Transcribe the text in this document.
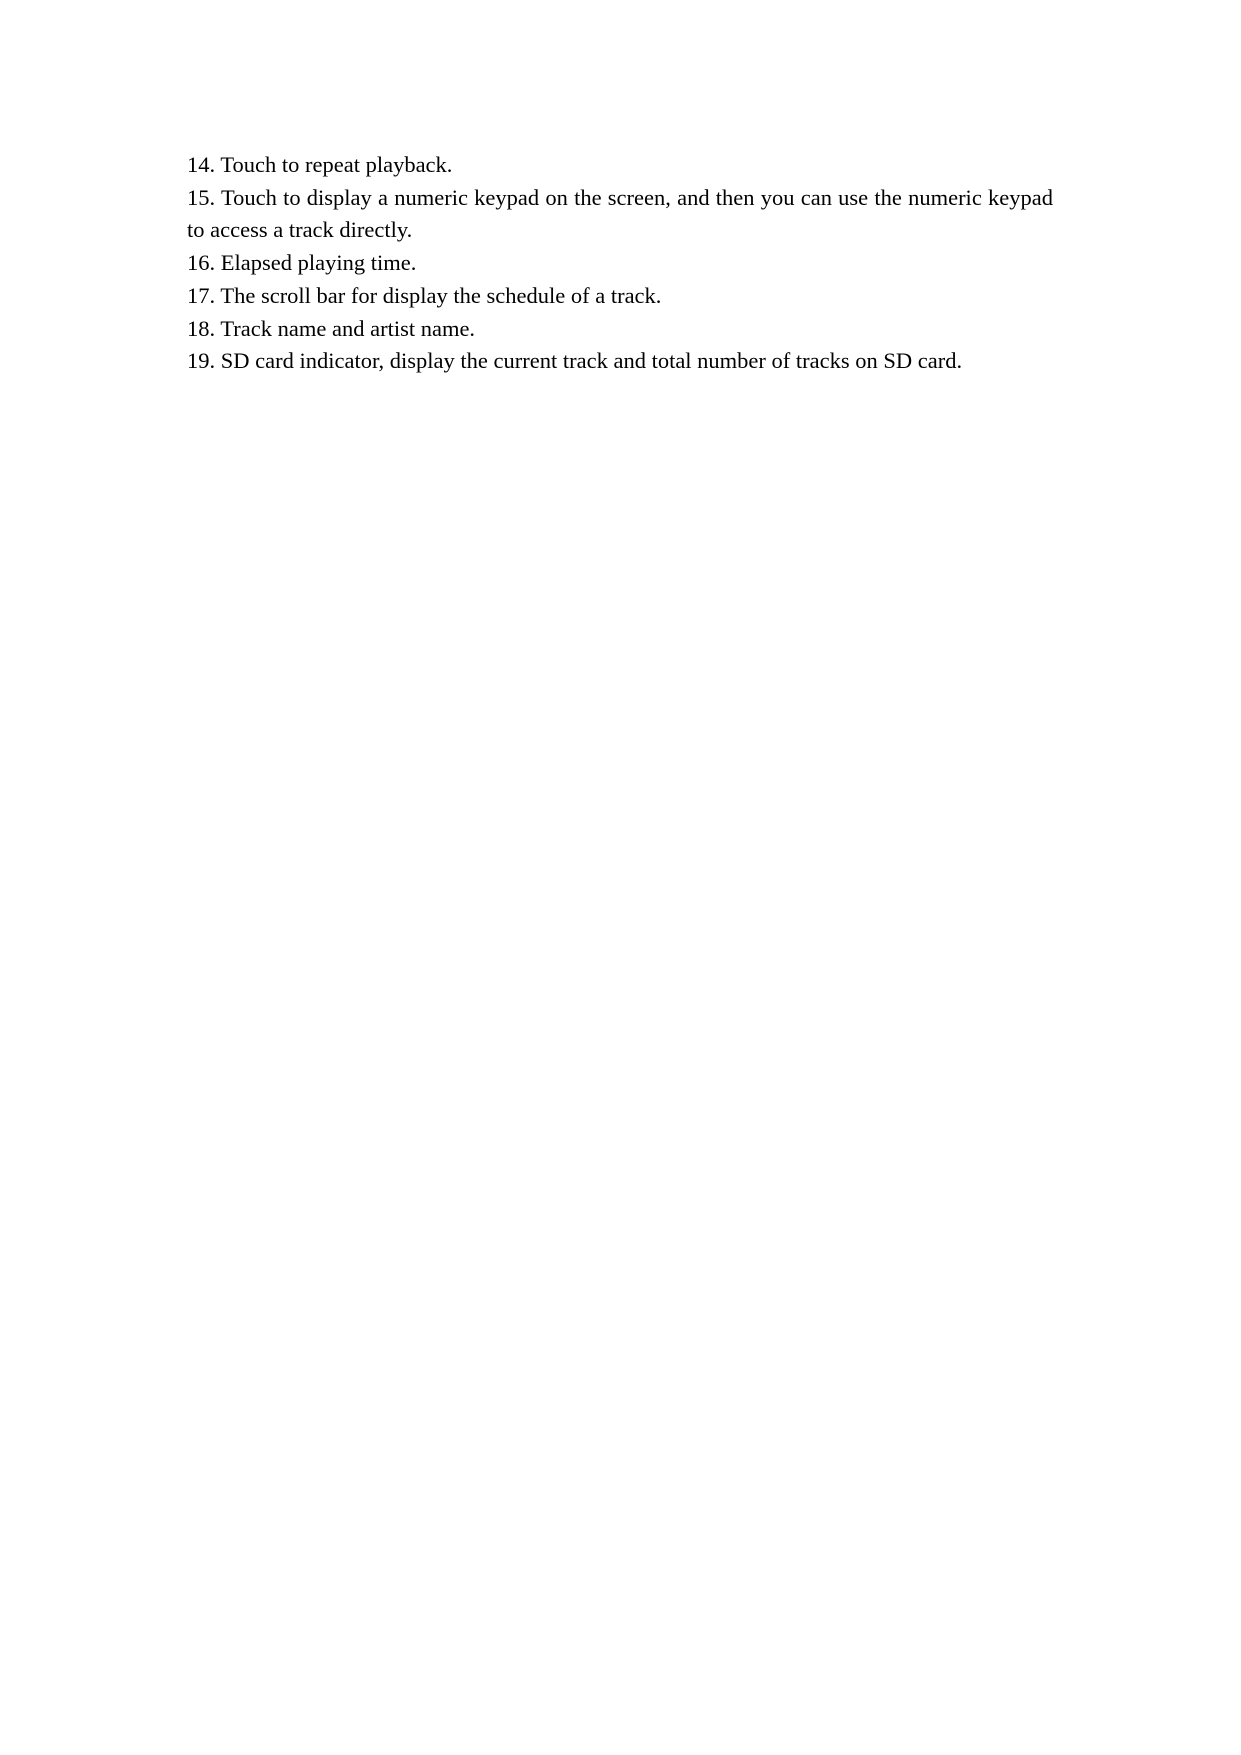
14. Touch to repeat playback.

15. Touch to display a numeric keypad on the screen, and then you can use the numeric keypad to access a track directly.

16. Elapsed playing time.

17. The scroll bar for display the schedule of a track.

18. Track name and artist name.

19. SD card indicator, display the current track and total number of tracks on SD card.
